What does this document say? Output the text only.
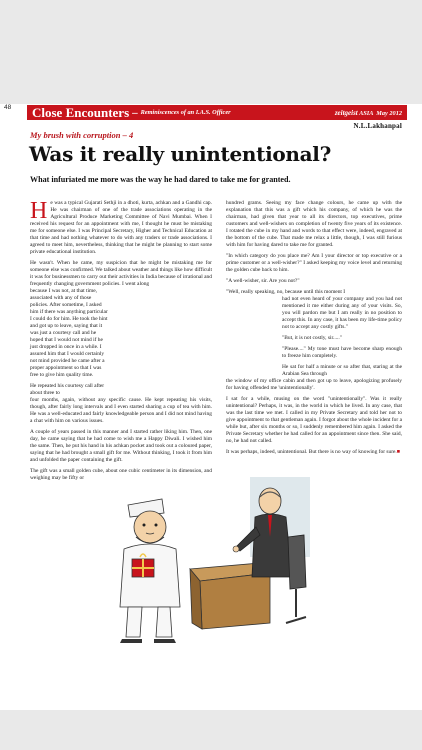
48	Close Encounters – Reminiscences of an I.A.S. Officer	zeitgeist ASIA May 2012
N.L.Lakhanpal
My brush with corruption – 4
Was it really unintentional?
What infuriated me more was the way he had dared to take me for granted.

He was a typical Gujarati Sethji in a dhoti, kurta, achkan and a Gandhi cap. He was chairman of one of the trade associations operating in the Agricultural Produce Marketing Committee of Navi Mumbai. When I received his request for an appointment with me, I thought he must be mistaking me for someone else. I was Principal Secretary, Higher and Technical Education at that time and had nothing whatever to do with any traders or trade associations. I agreed to meet him, nevertheless, thinking that he might be planning to start some private educational institution.

He wasn't. When he came, my suspicion that he might be mistaking me for someone else was confirmed. We talked about weather and things like how difficult it was for businessmen to carry out their activities in India because of irrational and frequently changing government policies. I went along

because I was not, at that time, associated with any of those policies. After sometime, I asked him if there was anything particular I could do for him. He took the hint and got up to leave, saying that it was just a courtesy call and he hoped that I would not mind if he just dropped in once in a while. I assured him that I would certainly not mind provided he came after a proper appointment so that I was free to give him quality time.

He repeated his courtesy call after about three to

four months, again, without any specific cause. He kept repeating his visits, though, after fairly long intervals and I even started sharing a cup of tea with him. He was a well-educated and fairly knowledgeable person and I did not mind having a chat with him on various issues.

A couple of years passed in this manner and I started rather liking him. Then, one day, he came saying that he had come to wish me a Happy Diwali. I wished him the same. Then, he put his hand in his achkan pocket and took out a coloured paper, saying that he had brought a small gift for me. Without thinking, I took it from him and unfolded the paper containing the gift.

The gift was a small golden cube, about one cubic centimeter in its dimension, and weighing may be fifty or

hundred grams. Seeing my face change colours, he came up with the explanation that this was a gift which his company, of which he was the chairman, had given that year to all its directors, top executives, prime customers and well-wishers on completion of twenty five years of its existence. I rotated the cube in my hand and words to that effect were, indeed, engraved at the bottom of the cube. That made me relax a little, though, I was still furious with him for having dared to take me for granted.

"In which category do you place me? Am I your director or top executive or a prime customer or a well-wisher?" I asked keeping my voice level and returning the golden cube back to him.

"A well-wisher, sir. Are you not?"

"Well, really speaking, no, because until this moment I

had not even heard of your company and you had not mentioned it me either during any of your visits. So, you will pardon me but I am really in no position to accept this. In any case, it has been my life-time policy not to accept any costly gifts."

"But, it is not costly, sir....."

"Please...." My tone must have become sharp enough to freeze him completely.

He sat for half a minute or so after that, staring at the Arabian Sea through

the window of my office cabin and then got up to leave, apologizing profusely for having offended me 'unintentionally'.

I sat for a while, musing on the word "unintentionally". Was it really unintentional? Perhaps, it was, in the world in which he lived. In any case, that was the last time we met. I called in my Private Secretary and told her not to give appointment to that gentleman again. I forgot about the whole incident for a while but, after six months or so, I suddenly remembered him again. I asked the Private Secretary whether he had called for an appointment since then. She said, no, he had not called.

It was perhaps, indeed, unintentional. But there is no way of knowing for sure.■
